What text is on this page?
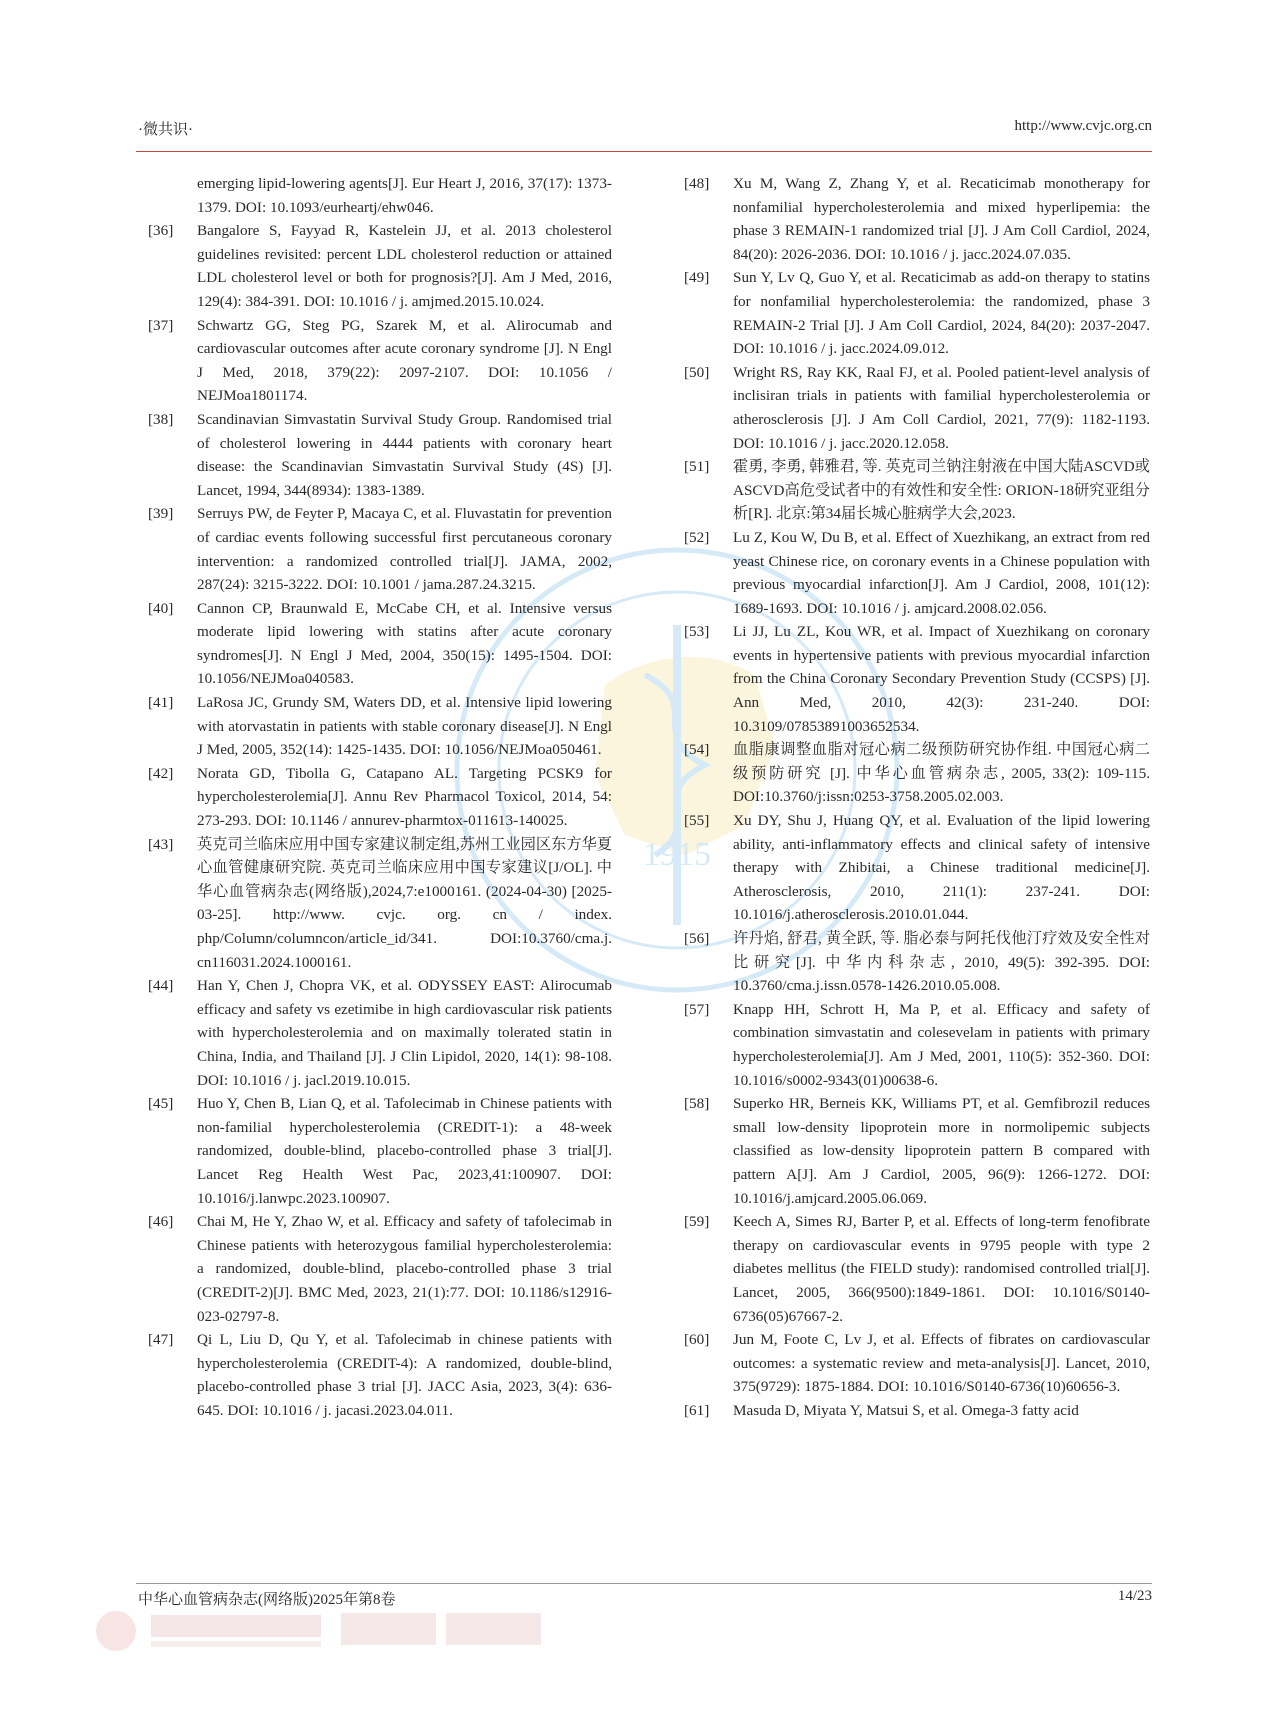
·微共识·	http://www.cvjc.org.cn
1915
emerging lipid-lowering agents[J]. Eur Heart J, 2016, 37(17): 1373-1379. DOI: 10.1093/eurheartj/ehw046.
[36] Bangalore S, Fayyad R, Kastelein JJ, et al. 2013 cholesterol guidelines revisited: percent LDL cholesterol reduction or attained LDL cholesterol level or both for prognosis?[J]. Am J Med, 2016, 129(4): 384-391. DOI: 10.1016 / j. amjmed.2015.10.024.
[37] Schwartz GG, Steg PG, Szarek M, et al. Alirocumab and cardiovascular outcomes after acute coronary syndrome [J]. N Engl J Med, 2018, 379(22): 2097-2107. DOI: 10.1056 / NEJMoa1801174.
[38] Scandinavian Simvastatin Survival Study Group. Randomised trial of cholesterol lowering in 4444 patients with coronary heart disease: the Scandinavian Simvastatin Survival Study (4S) [J]. Lancet, 1994, 344(8934): 1383-1389.
[39] Serruys PW, de Feyter P, Macaya C, et al. Fluvastatin for prevention of cardiac events following successful first percutaneous coronary intervention: a randomized controlled trial[J]. JAMA, 2002, 287(24): 3215-3222. DOI: 10.1001 / jama.287.24.3215.
[40] Cannon CP, Braunwald E, McCabe CH, et al. Intensive versus moderate lipid lowering with statins after acute coronary syndromes[J]. N Engl J Med, 2004, 350(15): 1495-1504. DOI: 10.1056/NEJMoa040583.
[41] LaRosa JC, Grundy SM, Waters DD, et al. Intensive lipid lowering with atorvastatin in patients with stable coronary disease[J]. N Engl J Med, 2005, 352(14): 1425-1435. DOI: 10.1056/NEJMoa050461.
[42] Norata GD, Tibolla G, Catapano AL. Targeting PCSK9 for hypercholesterolemia[J]. Annu Rev Pharmacol Toxicol, 2014, 54: 273-293. DOI: 10.1146 / annurev-pharmtox-011613-140025.
[43] 英克司兰临床应用中国专家建议制定组,苏州工业园区东方华夏心血管健康研究院. 英克司兰临床应用中国专家建议[J/OL]. 中华心血管病杂志(网络版),2024,7:e1000161. (2024-04-30) [2025-03-25]. http://www. cvjc. org. cn / index. php/Column/columncon/article_id/341. DOI:10.3760/cma.j. cn116031.2024.1000161.
[44] Han Y, Chen J, Chopra VK, et al. ODYSSEY EAST: Alirocumab efficacy and safety vs ezetimibe in high cardiovascular risk patients with hypercholesterolemia and on maximally tolerated statin in China, India, and Thailand [J]. J Clin Lipidol, 2020, 14(1): 98-108. DOI: 10.1016 / j. jacl.2019.10.015.
[45] Huo Y, Chen B, Lian Q, et al. Tafolecimab in Chinese patients with non-familial hypercholesterolemia (CREDIT-1): a 48-week randomized, double-blind, placebo-controlled phase 3 trial[J]. Lancet Reg Health West Pac, 2023,41:100907. DOI: 10.1016/j.lanwpc.2023.100907.
[46] Chai M, He Y, Zhao W, et al. Efficacy and safety of tafolecimab in Chinese patients with heterozygous familial hypercholesterolemia: a randomized, double-blind, placebo-controlled phase 3 trial (CREDIT-2)[J]. BMC Med, 2023, 21(1):77. DOI: 10.1186/s12916-023-02797-8.
[47] Qi L, Liu D, Qu Y, et al. Tafolecimab in chinese patients with hypercholesterolemia (CREDIT-4): A randomized, double-blind, placebo-controlled phase 3 trial [J]. JACC Asia, 2023, 3(4): 636-645. DOI: 10.1016 / j. jacasi.2023.04.011.
[48] Xu M, Wang Z, Zhang Y, et al. Recaticimab monotherapy for nonfamilial hypercholesterolemia and mixed hyperlipemia: the phase 3 REMAIN-1 randomized trial [J]. J Am Coll Cardiol, 2024, 84(20): 2026-2036. DOI: 10.1016 / j. jacc.2024.07.035.
[49] Sun Y, Lv Q, Guo Y, et al. Recaticimab as add-on therapy to statins for nonfamilial hypercholesterolemia: the randomized, phase 3 REMAIN-2 Trial [J]. J Am Coll Cardiol, 2024, 84(20): 2037-2047. DOI: 10.1016 / j. jacc.2024.09.012.
[50] Wright RS, Ray KK, Raal FJ, et al. Pooled patient-level analysis of inclisiran trials in patients with familial hypercholesterolemia or atherosclerosis [J]. J Am Coll Cardiol, 2021, 77(9): 1182-1193. DOI: 10.1016 / j. jacc.2020.12.058.
[51] 霍勇, 李勇, 韩雅君, 等. 英克司兰钠注射液在中国大陆ASCVD或ASCVD高危受试者中的有效性和安全性: ORION-18研究亚组分析[R]. 北京:第34届长城心脏病学大会,2023.
[52] Lu Z, Kou W, Du B, et al. Effect of Xuezhikang, an extract from red yeast Chinese rice, on coronary events in a Chinese population with previous myocardial infarction[J]. Am J Cardiol, 2008, 101(12): 1689-1693. DOI: 10.1016 / j. amjcard.2008.02.056.
[53] Li JJ, Lu ZL, Kou WR, et al. Impact of Xuezhikang on coronary events in hypertensive patients with previous myocardial infarction from the China Coronary Secondary Prevention Study (CCSPS) [J]. Ann Med, 2010, 42(3): 231-240. DOI: 10.3109/07853891003652534.
[54] 血脂康调整血脂对冠心病二级预防研究协作组. 中国冠心病二级预防研究 [J]. 中华心血管病杂志, 2005, 33(2): 109-115. DOI:10.3760/j:issn:0253-3758.2005.02.003.
[55] Xu DY, Shu J, Huang QY, et al. Evaluation of the lipid lowering ability, anti-inflammatory effects and clinical safety of intensive therapy with Zhibitai, a Chinese traditional medicine[J]. Atherosclerosis, 2010, 211(1): 237-241. DOI: 10.1016/j.atherosclerosis.2010.01.044.
[56] 许丹焰, 舒君, 黄全跃, 等. 脂必泰与阿托伐他汀疗效及安全性对比研究[J]. 中华内科杂志, 2010, 49(5): 392-395. DOI: 10.3760/cma.j.issn.0578-1426.2010.05.008.
[57] Knapp HH, Schrott H, Ma P, et al. Efficacy and safety of combination simvastatin and colesevelam in patients with primary hypercholesterolemia[J]. Am J Med, 2001, 110(5): 352-360. DOI: 10.1016/s0002-9343(01)00638-6.
[58] Superko HR, Berneis KK, Williams PT, et al. Gemfibrozil reduces small low-density lipoprotein more in normolipemic subjects classified as low-density lipoprotein pattern B compared with pattern A[J]. Am J Cardiol, 2005, 96(9): 1266-1272. DOI: 10.1016/j.amjcard.2005.06.069.
[59] Keech A, Simes RJ, Barter P, et al. Effects of long-term fenofibrate therapy on cardiovascular events in 9795 people with type 2 diabetes mellitus (the FIELD study): randomised controlled trial[J]. Lancet, 2005, 366(9500):1849-1861. DOI: 10.1016/S0140-6736(05)67667-2.
[60] Jun M, Foote C, Lv J, et al. Effects of fibrates on cardiovascular outcomes: a systematic review and meta-analysis[J]. Lancet, 2010, 375(9729): 1875-1884. DOI: 10.1016/S0140-6736(10)60656-3.
[61] Masuda D, Miyata Y, Matsui S, et al. Omega-3 fatty acid
中华心血管病杂志(网络版)2025年第8卷	14/23
